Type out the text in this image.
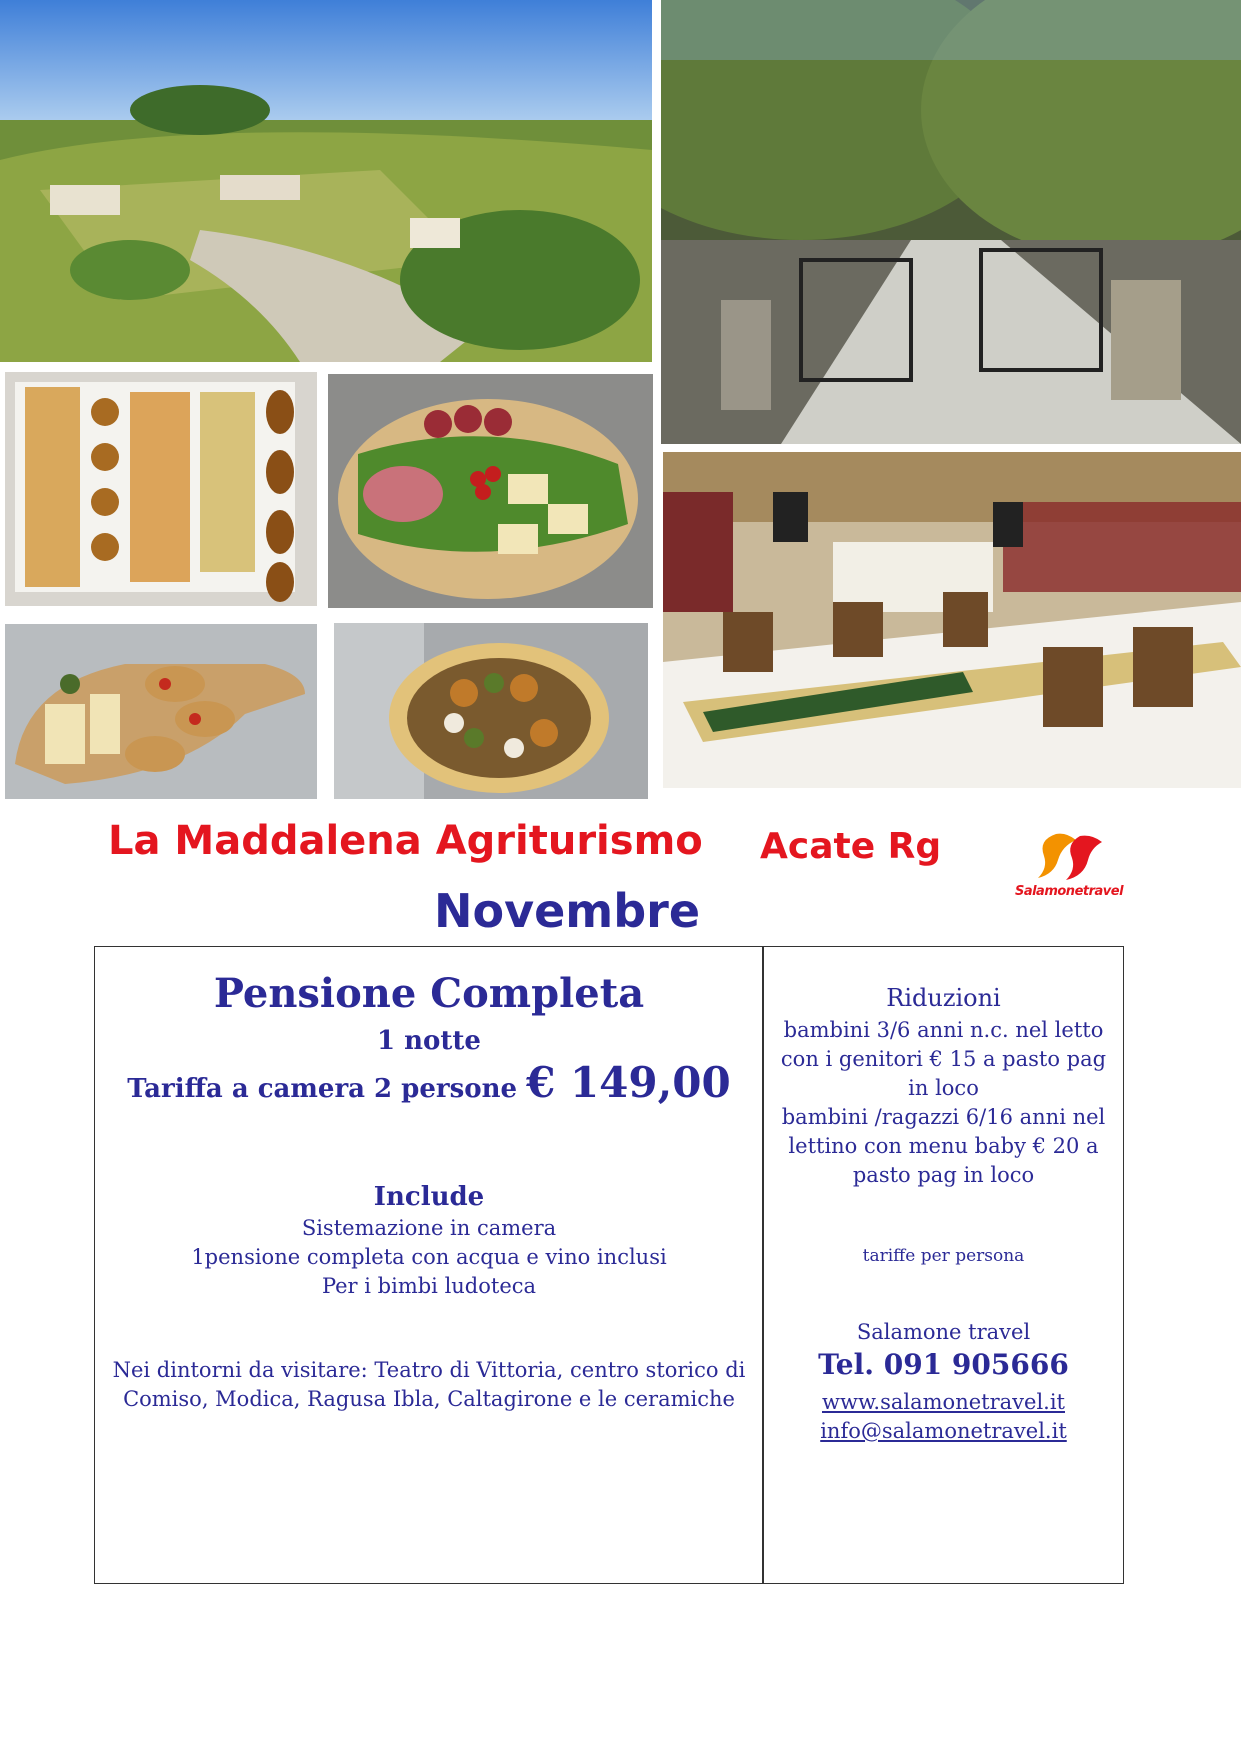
La Maddalena Agriturismo Acate Rg
Novembre	Salamonetravel
Pensione Completa
1 notte
Tariffa a camera 2 persone € 149,00
Include
Sistemazione in camera
1pensione completa con acqua e vino inclusi
Per i bimbi ludoteca
Nei dintorni da visitare: Teatro di Vittoria, centro storico di
Comiso, Modica, Ragusa Ibla, Caltagirone e le ceramiche
Riduzioni
bambini 3/6 anni n.c. nel letto
con i genitori € 15 a pasto pag
in loco
bambini /ragazzi 6/16 anni nel
lettino con menu baby € 20 a
pasto pag in loco
tariffe per persona
Salamone travel
Tel. 091 905666
www.salamonetravel.it
info@salamonetravel.it
